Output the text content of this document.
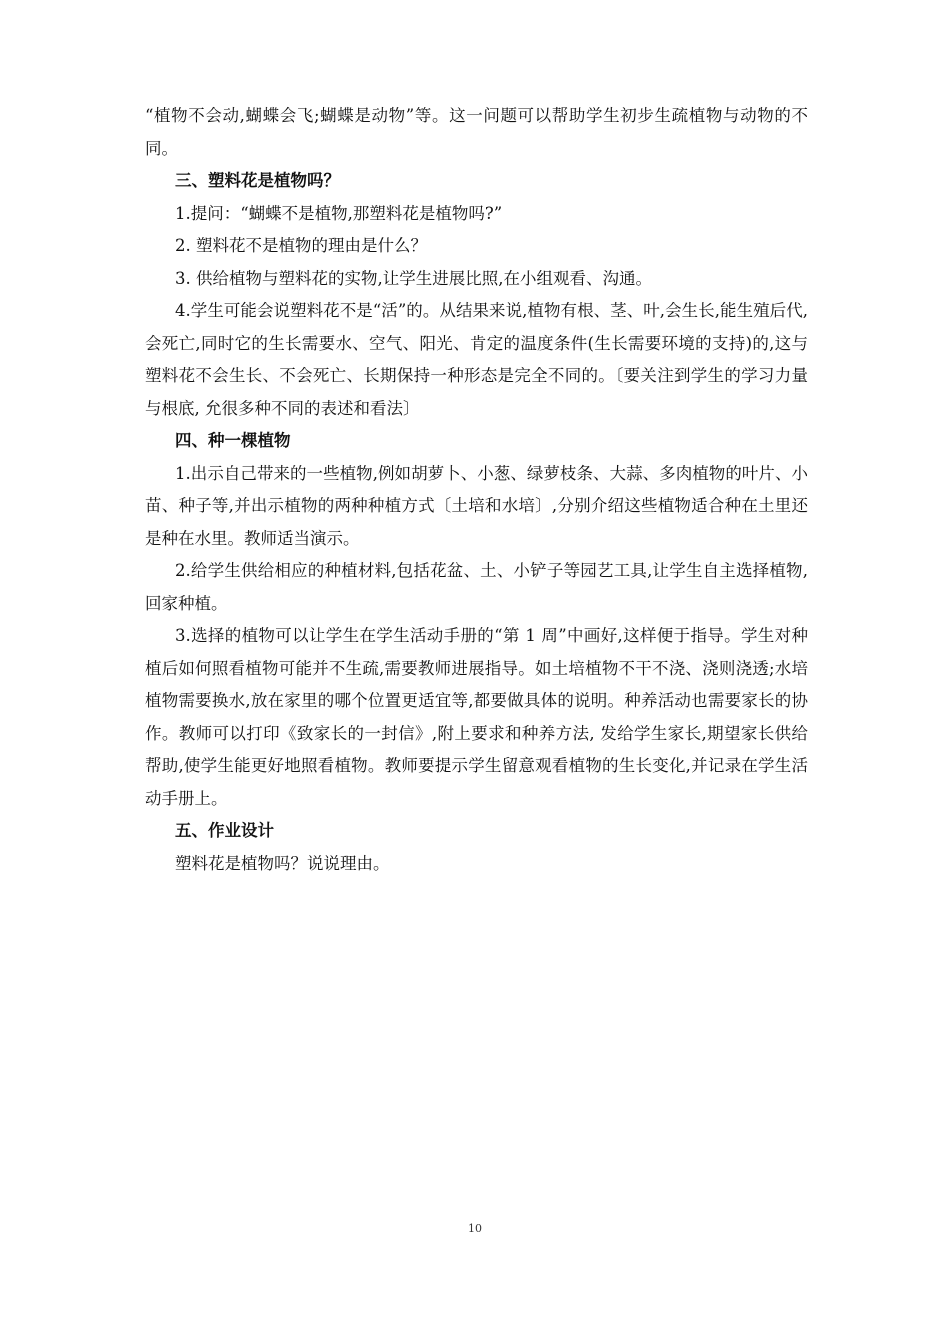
“植物不会动,蝴蝶会飞;蝴蝶是动物”等。这一问题可以帮助学生初步生疏植物与动物的不同。

三、塑料花是植物吗？

1.提问：“蝴蝶不是植物,那塑料花是植物吗?”

2. 塑料花不是植物的理由是什么？

3. 供给植物与塑料花的实物,让学生进展比照,在小组观看、沟通。

4.学生可能会说塑料花不是“活”的。从结果来说,植物有根、茎、叶,会生长,能生殖后代,会死亡,同时它的生长需要水、空气、阳光、肯定的温度条件(生长需要环境的支持)的,这与塑料花不会生长、不会死亡、长期保持一种形态是完全不同的。〔要关注到学生的学习力量与根底, 允很多种不同的表述和看法〕

四、种一棵植物

1.出示自己带来的一些植物,例如胡萝卜、小葱、绿萝枝条、大蒜、多肉植物的叶片、小苗、种子等,并出示植物的两种种植方式〔土培和水培〕,分别介绍这些植物适合种在土里还是种在水里。教师适当演示。

2.给学生供给相应的种植材料,包括花盆、土、小铲子等园艺工具,让学生自主选择植物,回家种植。

3.选择的植物可以让学生在学生活动手册的“第 1 周”中画好,这样便于指导。学生对种植后如何照看植物可能并不生疏,需要教师进展指导。如土培植物不干不浇、浇则浇透;水培植物需要换水,放在家里的哪个位置更适宜等,都要做具体的说明。种养活动也需要家长的协作。教师可以打印《致家长的一封信》,附上要求和种养方法, 发给学生家长,期望家长供给帮助,使学生能更好地照看植物。教师要提示学生留意观看植物的生长变化,并记录在学生活动手册上。

五、作业设计

塑料花是植物吗？说说理由。

10
